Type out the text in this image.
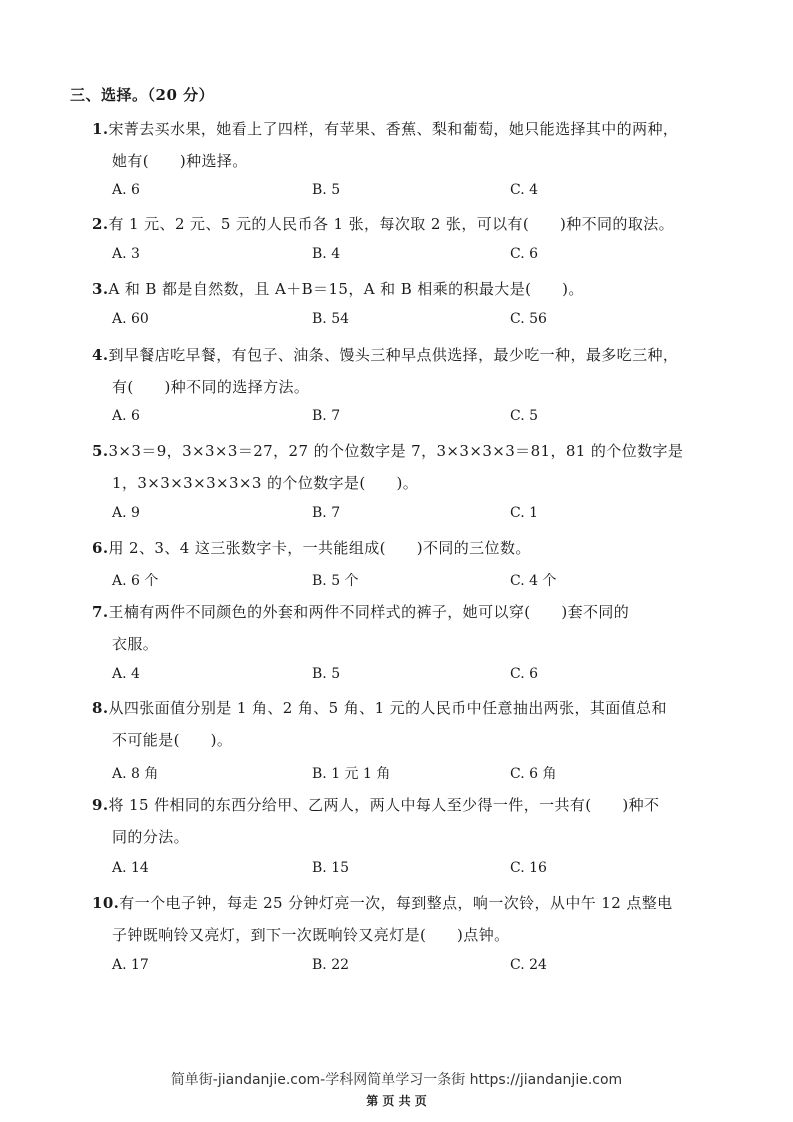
三、选择。（20 分）
1.宋菁去买水果，她看上了四样，有苹果、香蕉、梨和葡萄，她只能选择其中的两种，
她有(　　)种选择。
A. 6	B. 5	C. 4
2.有 1 元、2 元、5 元的人民币各 1 张，每次取 2 张，可以有(　　)种不同的取法。
A. 3	B. 4	C. 6
3.A 和 B 都是自然数，且 A＋B＝15，A 和 B 相乘的积最大是(　　)。
A. 60	B. 54	C. 56
4.到早餐店吃早餐，有包子、油条、馒头三种早点供选择，最少吃一种，最多吃三种，
有(　　)种不同的选择方法。
A. 6	B. 7	C. 5
5.3×3＝9，3×3×3＝27，27 的个位数字是 7，3×3×3×3＝81，81 的个位数字是
1，3×3×3×3×3×3 的个位数字是(　　)。
A. 9	B. 7	C. 1
6.用 2、3、4 这三张数字卡，一共能组成(　　)不同的三位数。
A. 6 个	B. 5 个	C. 4 个
7.王楠有两件不同颜色的外套和两件不同样式的裤子，她可以穿(　　)套不同的
衣服。
A. 4	B. 5	C. 6
8.从四张面值分别是 1 角、2 角、5 角、1 元的人民币中任意抽出两张，其面值总和
不可能是(　　)。
A. 8 角	B. 1 元 1 角	C. 6 角
9.将 15 件相同的东西分给甲、乙两人，两人中每人至少得一件，一共有(　　)种不
同的分法。
A. 14	B. 15	C. 16
10.有一个电子钟，每走 25 分钟灯亮一次，每到整点，响一次铃，从中午 12 点整电
子钟既响铃又亮灯，到下一次既响铃又亮灯是(　　)点钟。
A. 17	B. 22	C. 24
简单街-jiandanjie.com-学科网简单学习一条街 https://jiandanjie.com
第 页 共 页
